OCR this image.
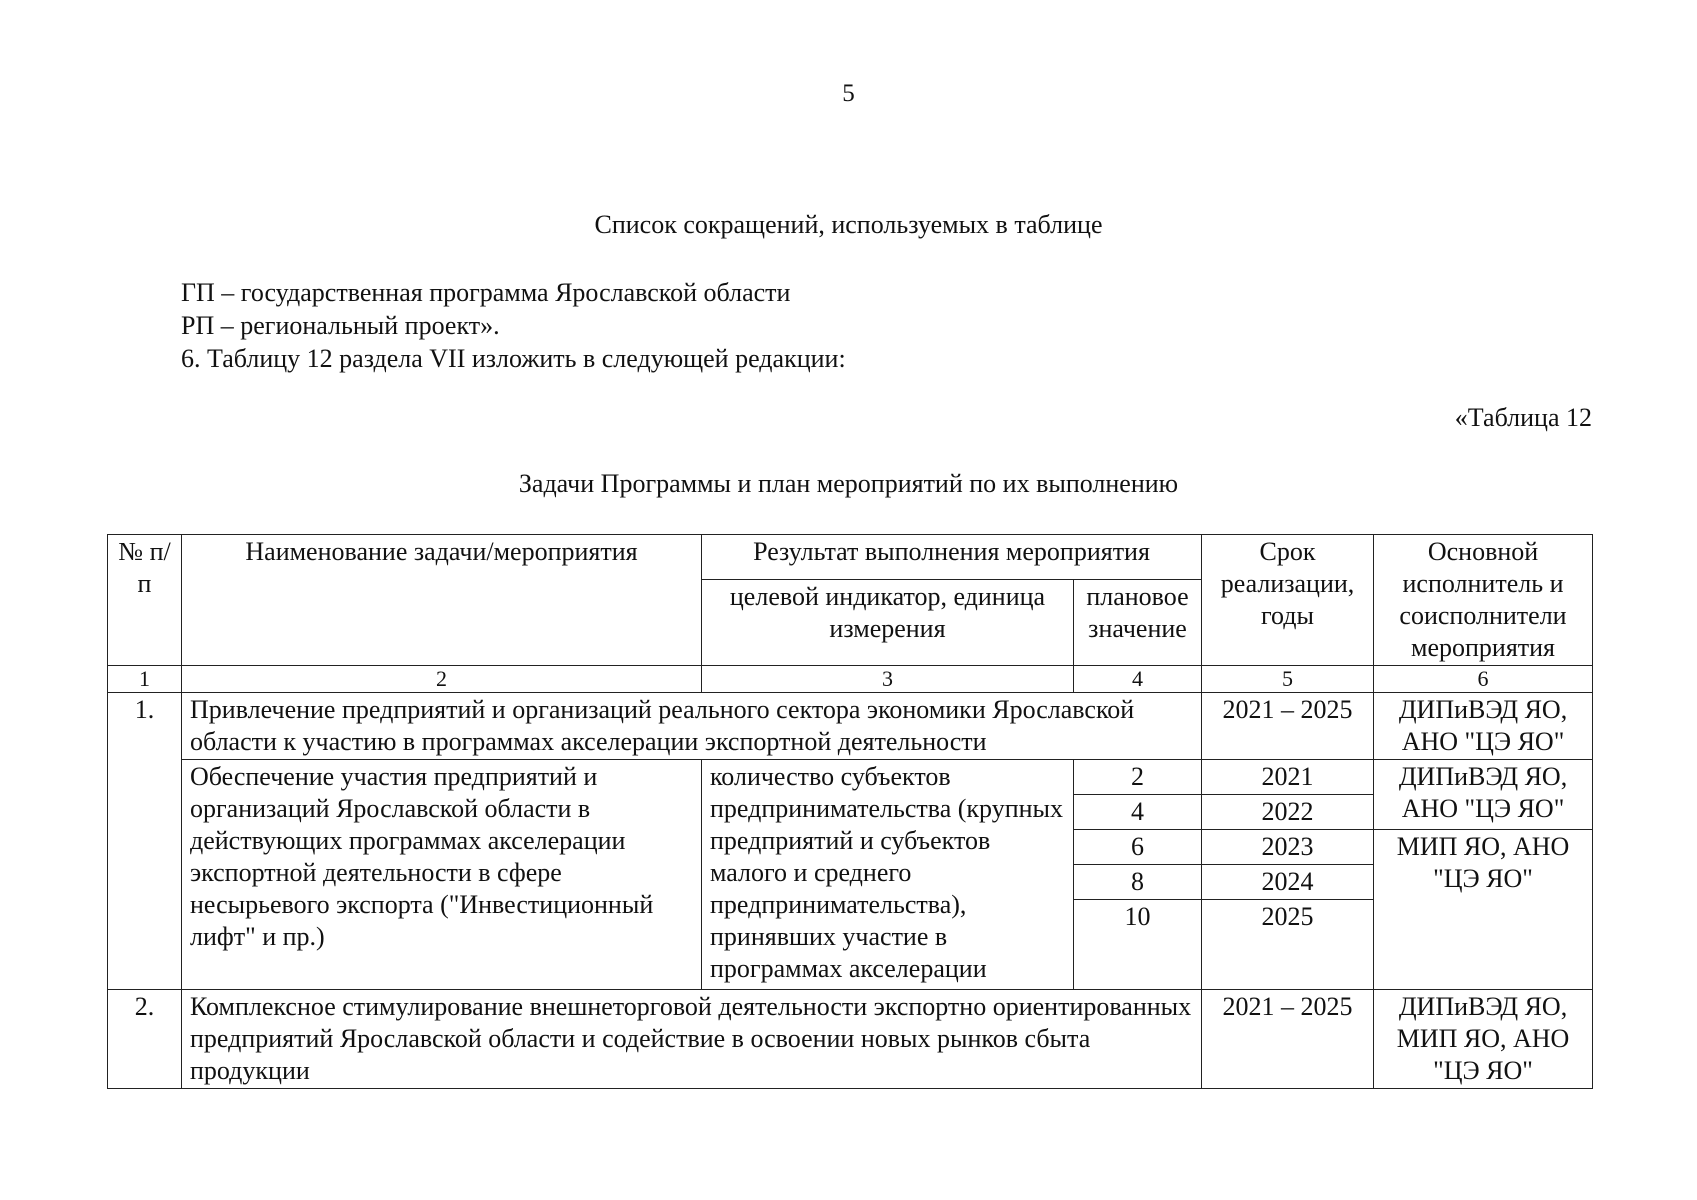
5
Список сокращений, используемых в таблице
ГП – государственная программа Ярославской области
РП – региональный проект».
6. Таблицу 12 раздела VII изложить в следующей редакции:
«Таблица 12
Задачи Программы и план мероприятий по их выполнению
№ п/п	Наименование задачи/мероприятия	Результат выполнения мероприятия		Срок реализации, годы	Основной исполнитель и соисполнители мероприятия
		целевой индикатор, единица измерения	плановое значение		
1	2	3	4	5	6
1.	Привлечение предприятий и организаций реального сектора экономики Ярославской области к участию в программах акселерации экспортной деятельности			2021 – 2025	ДИПиВЭД ЯО, АНО "ЦЭ ЯО"
	Обеспечение участия предприятий и организаций Ярославской области в действующих программах акселерации экспортной деятельности в сфере несырьевого экспорта ("Инвестиционный лифт" и пр.)	количество субъектов предпринимательства (крупных предприятий и субъектов малого и среднего предпринимательства), принявших участие в программах акселерации	2	2021	ДИПиВЭД ЯО, АНО "ЦЭ ЯО"
			4	2022	
			6	2023	МИП ЯО, АНО "ЦЭ ЯО"
			8	2024	
			10	2025	
2.	Комплексное стимулирование внешнеторговой деятельности экспортно ориентированных предприятий Ярославской области и содействие в освоении новых рынков сбыта продукции			2021 – 2025	ДИПиВЭД ЯО, МИП ЯО, АНО "ЦЭ ЯО"
